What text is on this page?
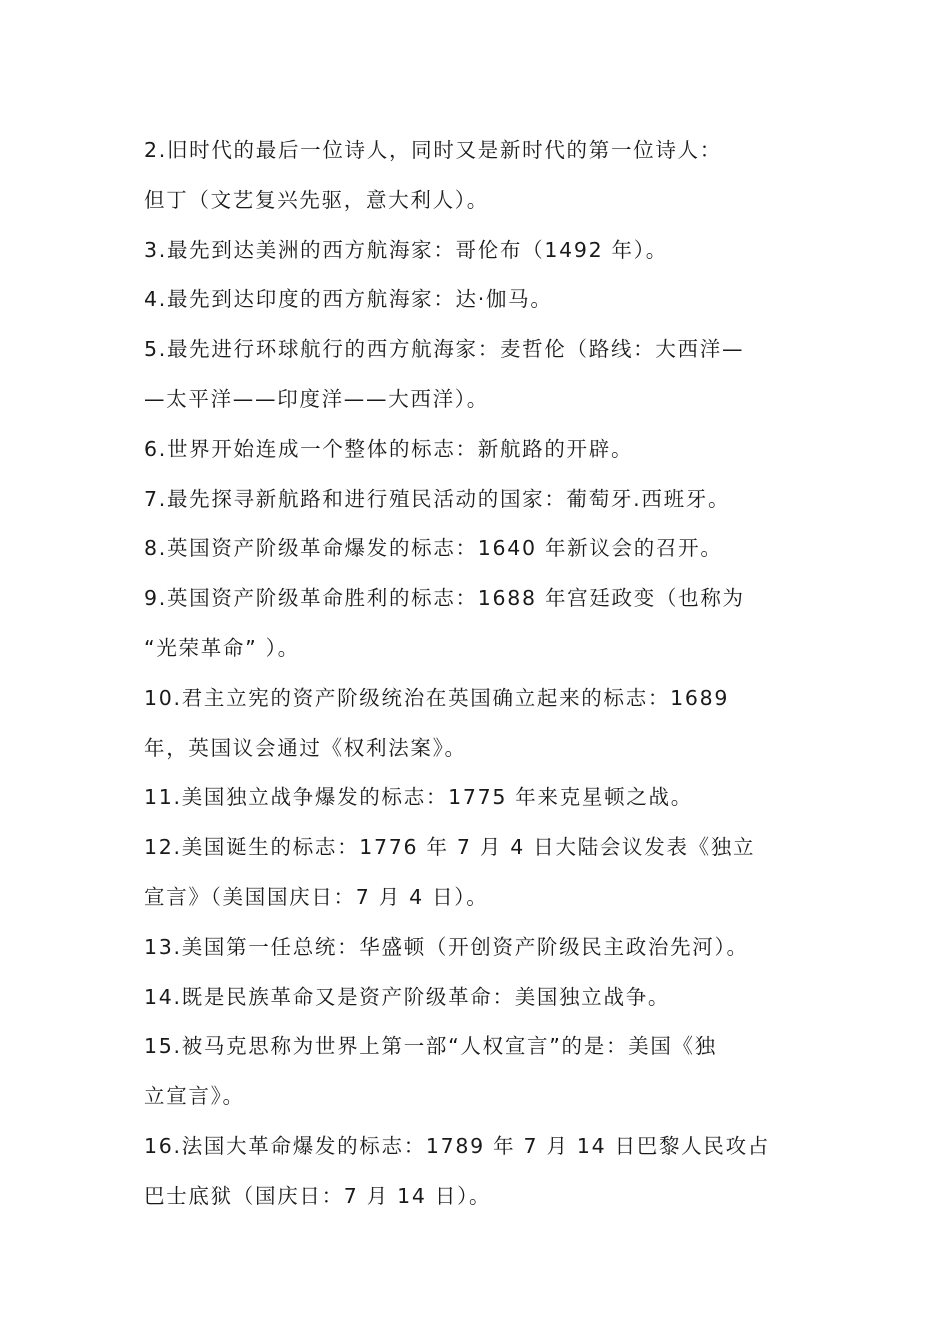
2.旧时代的最后一位诗人，同时又是新时代的第一位诗人：
但丁（文艺复兴先驱，意大利人）。
3.最先到达美洲的西方航海家：哥伦布（1492 年）。
4.最先到达印度的西方航海家：达·伽马。
5.最先进行环球航行的西方航海家：麦哲伦（路线：大西洋—
—太平洋——印度洋——大西洋）。
6.世界开始连成一个整体的标志：新航路的开辟。
7.最先探寻新航路和进行殖民活动的国家：葡萄牙.西班牙。
8.英国资产阶级革命爆发的标志：1640 年新议会的召开。
9.英国资产阶级革命胜利的标志：1688 年宫廷政变（也称为
“光荣革命” ）。
10.君主立宪的资产阶级统治在英国确立起来的标志：1689
年，英国议会通过《权利法案》。
11.美国独立战争爆发的标志：1775 年来克星顿之战。
12.美国诞生的标志：1776 年 7 月 4 日大陆会议发表《独立
宣言》（美国国庆日：7 月 4 日）。
13.美国第一任总统：华盛顿（开创资产阶级民主政治先河）。
14.既是民族革命又是资产阶级革命：美国独立战争。
15.被马克思称为世界上第一部“人权宣言”的是：美国《独
立宣言》。
16.法国大革命爆发的标志：1789 年 7 月 14 日巴黎人民攻占
巴士底狱（国庆日：7 月 14 日）。
